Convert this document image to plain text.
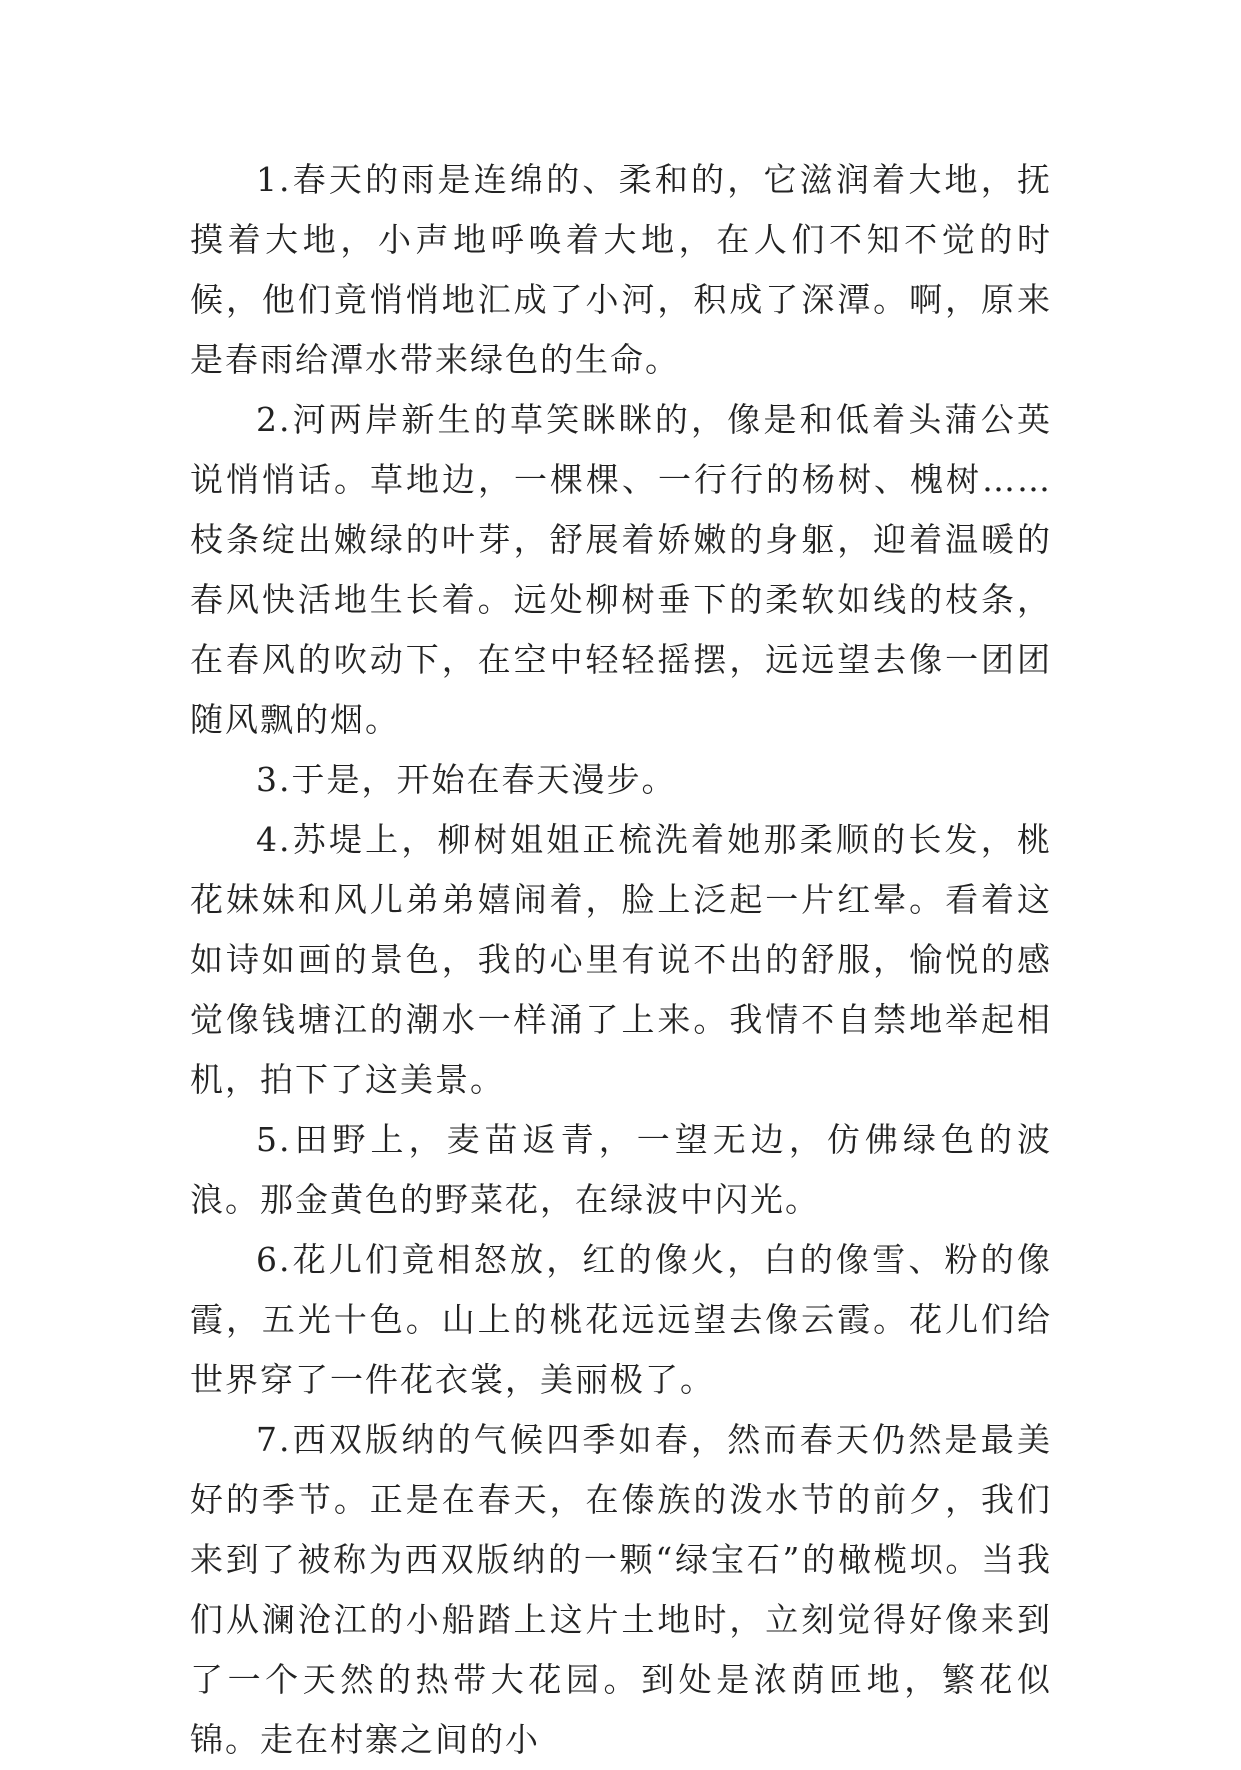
1.春天的雨是连绵的、柔和的，它滋润着大地，抚摸着大地，小声地呼唤着大地，在人们不知不觉的时候，他们竟悄悄地汇成了小河，积成了深潭。啊，原来是春雨给潭水带来绿色的生命。

2.河两岸新生的草笑眯眯的，像是和低着头蒲公英说悄悄话。草地边，一棵棵、一行行的杨树、槐树……枝条绽出嫩绿的叶芽，舒展着娇嫩的身躯，迎着温暖的春风快活地生长着。远处柳树垂下的柔软如线的枝条，在春风的吹动下，在空中轻轻摇摆，远远望去像一团团随风飘的烟。

3.于是，开始在春天漫步。

4.苏堤上，柳树姐姐正梳洗着她那柔顺的长发，桃花妹妹和风儿弟弟嬉闹着，脸上泛起一片红晕。看着这如诗如画的景色，我的心里有说不出的舒服，愉悦的感觉像钱塘江的潮水一样涌了上来。我情不自禁地举起相机，拍下了这美景。

5.田野上，麦苗返青，一望无边，仿佛绿色的波浪。那金黄色的野菜花，在绿波中闪光。

6.花儿们竟相怒放，红的像火，白的像雪、粉的像霞，五光十色。山上的桃花远远望去像云霞。花儿们给世界穿了一件花衣裳，美丽极了。

7.西双版纳的气候四季如春，然而春天仍然是最美好的季节。正是在春天，在傣族的泼水节的前夕，我们来到了被称为西双版纳的一颗“绿宝石”的橄榄坝。当我们从澜沧江的小船踏上这片土地时，立刻觉得好像来到了一个天然的热带大花园。到处是浓荫匝地，繁花似锦。走在村寨之间的小
